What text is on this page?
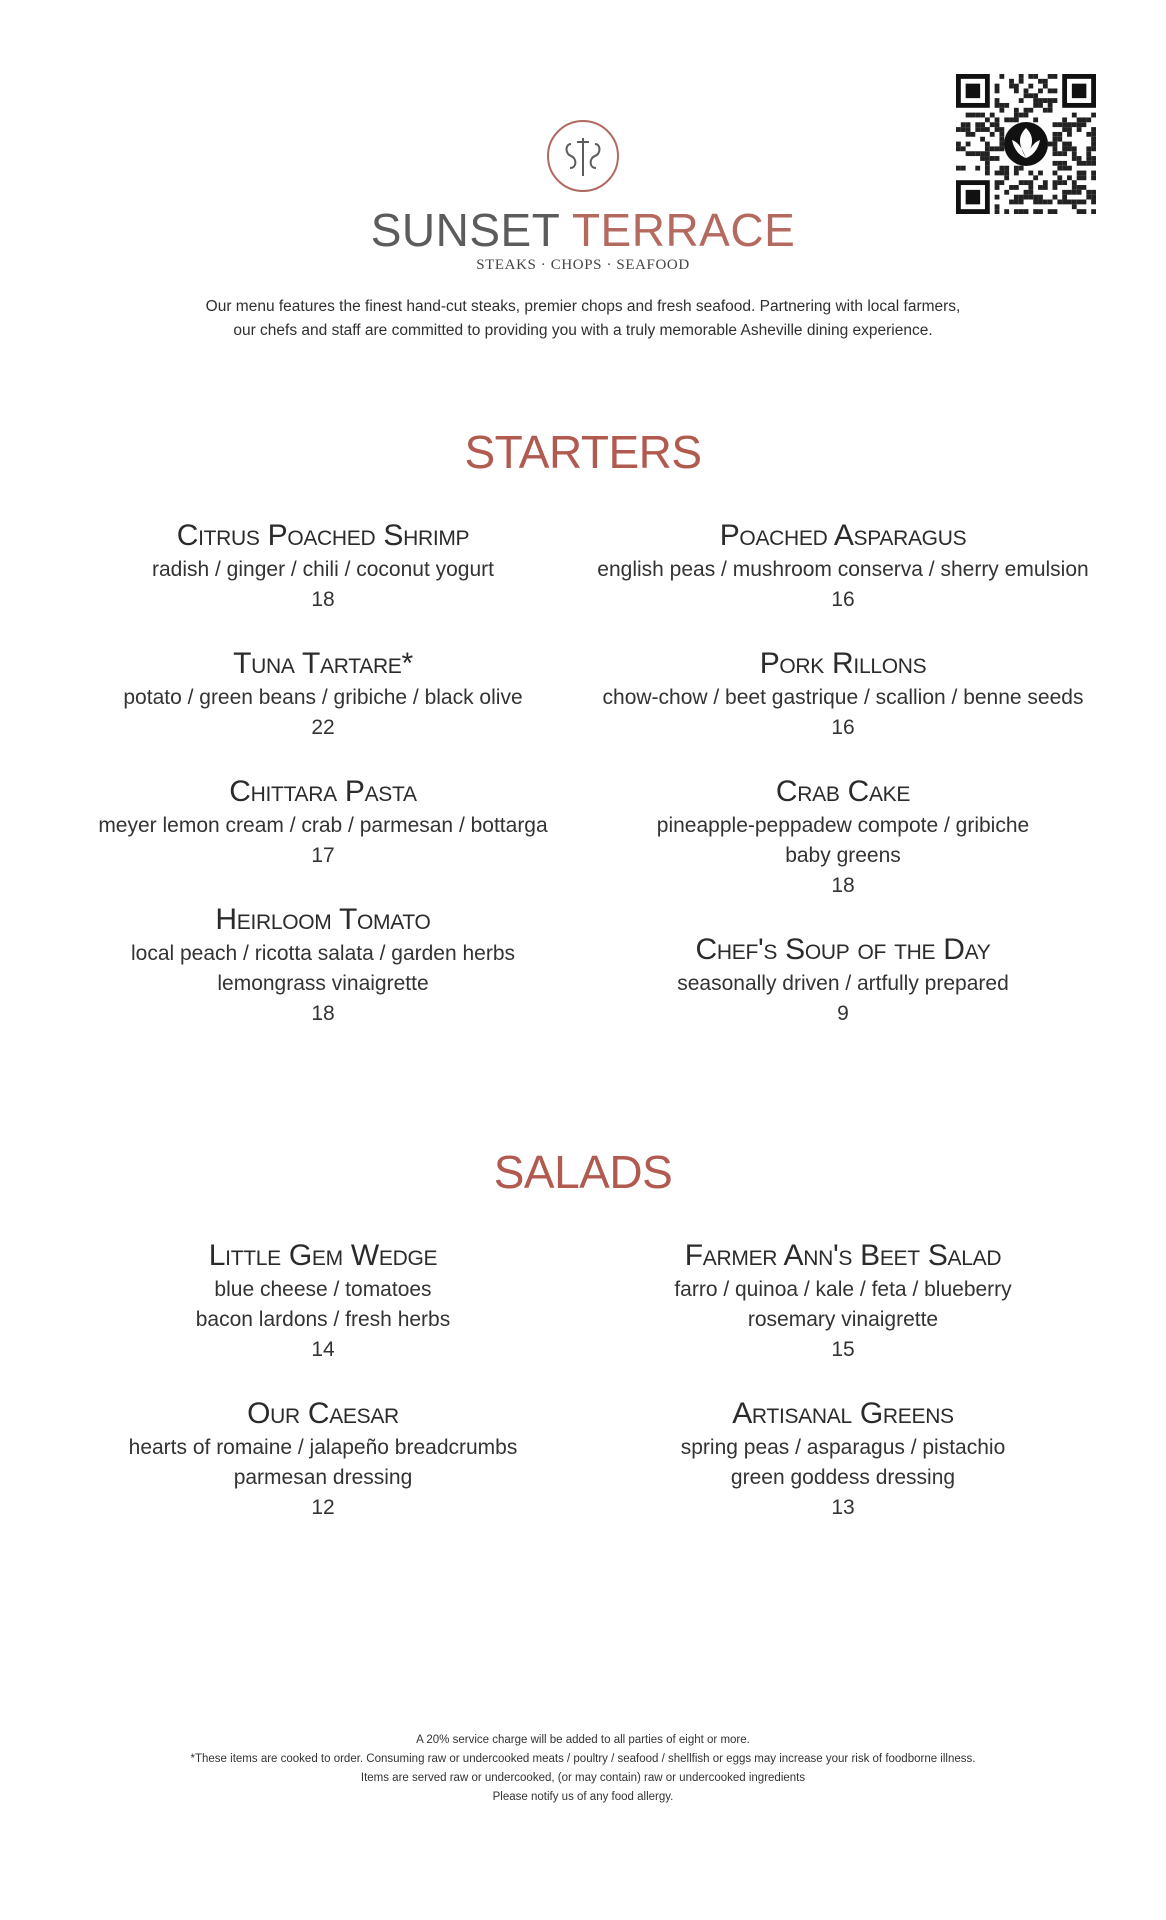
SUNSET TERRACE
STEAKS · CHOPS · SEAFOOD
Our menu features the finest hand-cut steaks, premier chops and fresh seafood. Partnering with local farmers,
our chefs and staff are committed to providing you with a truly memorable Asheville dining experience.
STARTERS
Citrus Poached Shrimp
radish / ginger / chili / coconut yogurt
18
Tuna Tartare*
potato / green beans / gribiche / black olive
22
Chittara Pasta
meyer lemon cream / crab / parmesan / bottarga
17
Heirloom Tomato
local peach / ricotta salata / garden herbs
lemongrass vinaigrette
18
Poached Asparagus
english peas / mushroom conserva / sherry emulsion
16
Pork Rillons
chow-chow / beet gastrique / scallion / benne seeds
16
Crab Cake
pineapple-peppadew compote / gribiche
baby greens
18
Chef's Soup of the Day
seasonally driven / artfully prepared
9
SALADS
Little Gem Wedge
blue cheese / tomatoes
bacon lardons / fresh herbs
14
Our Caesar
hearts of romaine / jalapeño breadcrumbs
parmesan dressing
12
Farmer Ann's Beet Salad
farro / quinoa / kale / feta / blueberry
rosemary vinaigrette
15
Artisanal Greens
spring peas / asparagus / pistachio
green goddess dressing
13
A 20% service charge will be added to all parties of eight or more.
*These items are cooked to order. Consuming raw or undercooked meats / poultry / seafood / shellfish or eggs may increase your risk of foodborne illness.
Items are served raw or undercooked, (or may contain) raw or undercooked ingredients
Please notify us of any food allergy.
